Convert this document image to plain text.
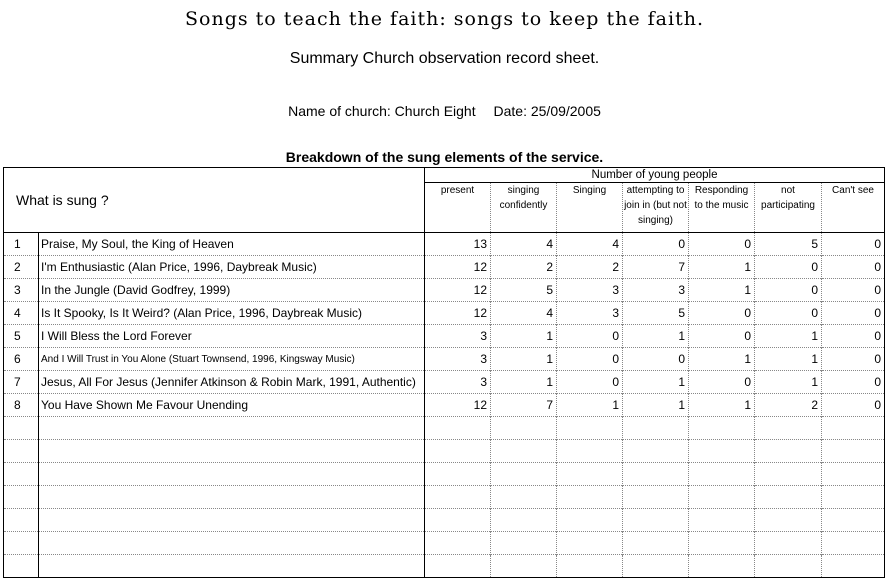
Songs to teach the faith: songs to keep the faith.
Summary Church observation record sheet.
Name of church: Church Eight Date: 25/09/2005
Breakdown of the sung elements of the service.
What is sung ?		Number of young people						
		present	singing confidently	Singing	attempting to join in (but not singing)	Responding to the music	not participating	Can't see
1	Praise, My Soul, the King of Heaven	13	4	4	0	0	5	0
2	I'm Enthusiastic (Alan Price, 1996, Daybreak Music)	12	2	2	7	1	0	0
3	In the Jungle (David Godfrey, 1999)	12	5	3	3	1	0	0
4	Is It Spooky, Is It Weird? (Alan Price, 1996, Daybreak Music)	12	4	3	5	0	0	0
5	I Will Bless the Lord Forever	3	1	0	1	0	1	0
6	And I Will Trust in You Alone (Stuart Townsend, 1996, Kingsway Music)	3	1	0	0	1	1	0
7	Jesus, All For Jesus (Jennifer Atkinson & Robin Mark, 1991, Authentic)	3	1	0	1	0	1	0
8	You Have Shown Me Favour Unending	12	7	1	1	1	2	0
